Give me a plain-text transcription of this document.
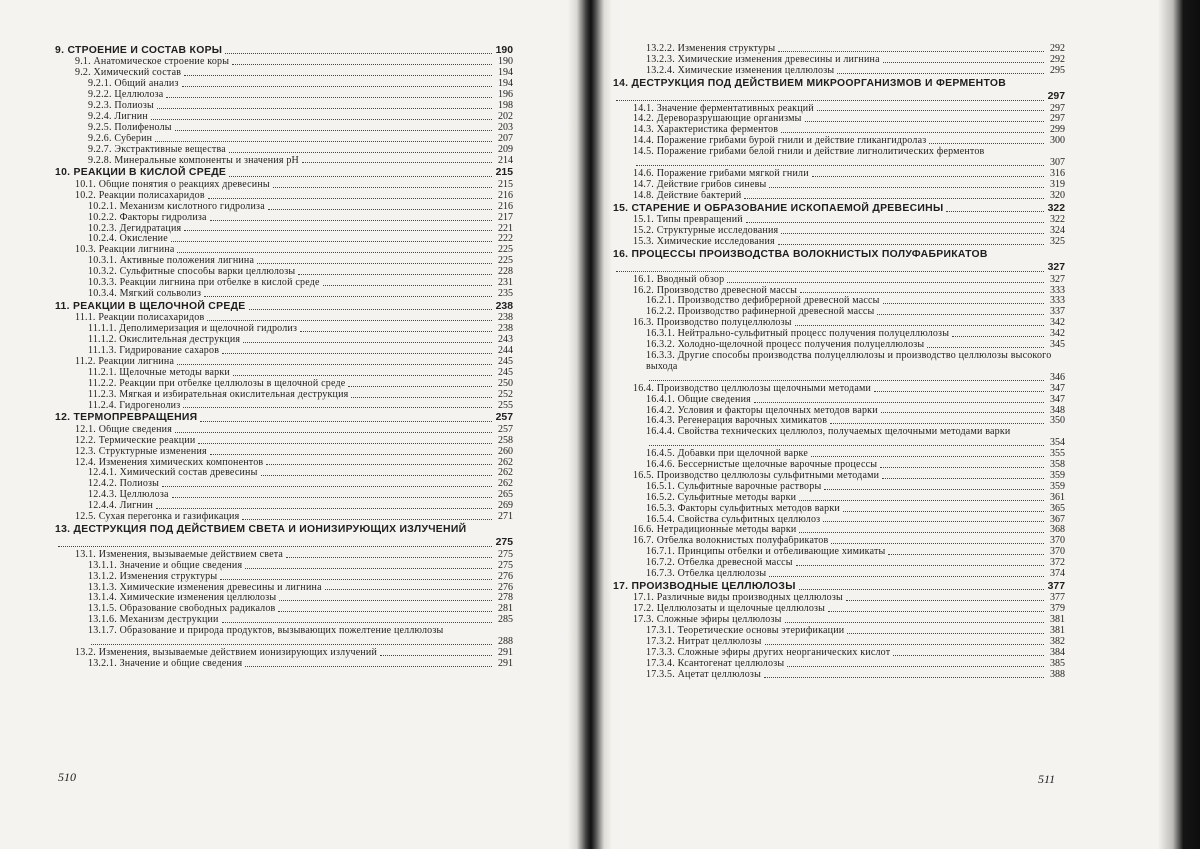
9. СТРОЕНИЕ И СОСТАВ КОРЫ	190
9.1. Анатомическое строение коры	190
9.2. Химический состав	194
9.2.1. Общий анализ	194
9.2.2. Целлюлоза	196
9.2.3. Полиозы	198
9.2.4. Лигнин	202
9.2.5. Полифенолы	203
9.2.6. Суберин	207
9.2.7. Экстрактивные вещества	209
9.2.8. Минеральные компоненты и значения pH	214
10. РЕАКЦИИ В КИСЛОЙ СРЕДЕ	215
10.1. Общие понятия о реакциях древесины	215
10.2. Реакции полисахаридов	216
10.2.1. Механизм кислотного гидролиза	216
10.2.2. Факторы гидролиза	217
10.2.3. Дегидратация	221
10.2.4. Окисление	222
10.3. Реакции лигнина	225
10.3.1. Активные положения лигнина	225
10.3.2. Сульфитные способы варки целлюлозы	228
10.3.3. Реакции лигнина при отбелке в кислой среде	231
10.3.4. Мягкий сольволиз	235
11. РЕАКЦИИ В ЩЕЛОЧНОЙ СРЕДЕ	238
11.1. Реакции полисахаридов	238
11.1.1. Деполимеризация и щелочной гидролиз	238
11.1.2. Окислительная деструкция	243
11.1.3. Гидрирование сахаров	244
11.2. Реакции лигнина	245
11.2.1. Щелочные методы варки	245
11.2.2. Реакции при отбелке целлюлозы в щелочной среде	250
11.2.3. Мягкая и избирательная окислительная деструкция	252
11.2.4. Гидрогенолиз	255
12. ТЕРМОПРЕВРАЩЕНИЯ	257
12.1. Общие сведения	257
12.2. Термические реакции	258
12.3. Структурные изменения	260
12.4. Изменения химических компонентов	262
12.4.1. Химический состав древесины	262
12.4.2. Полиозы	262
12.4.3. Целлюлоза	265
12.4.4. Лигнин	269
12.5. Сухая перегонка и газификация	271
13. ДЕСТРУКЦИЯ ПОД ДЕЙСТВИЕМ СВЕТА И ИОНИЗИРУЮЩИХ ИЗЛУЧЕНИЙ
275
13.1. Изменения, вызываемые действием света	275
13.1.1. Значение и общие сведения	275
13.1.2. Изменения структуры	276
13.1.3. Химические изменения древесины и лигнина	276
13.1.4. Химические изменения целлюлозы	278
13.1.5. Образование свободных радикалов	281
13.1.6. Механизм деструкции	285
13.1.7. Образование и природа продуктов, вызывающих пожелтение целлюлозы
288
13.2. Изменения, вызываемые действием ионизирующих излучений	291
13.2.1. Значение и общие сведения	291
13.2.2. Изменения структуры	292
13.2.3. Химические изменения древесины и лигнина	292
13.2.4. Химические изменения целлюлозы	295
14. ДЕСТРУКЦИЯ ПОД ДЕЙСТВИЕМ МИКРООРГАНИЗМОВ И ФЕРМЕНТОВ
297
14.1. Значение ферментативных реакций	297
14.2. Дереворазрушающие организмы	297
14.3. Характеристика ферментов	299
14.4. Поражение грибами бурой гнили и действие гликангидролаз	300
14.5. Поражение грибами белой гнили и действие лигнолитических ферментов
307
14.6. Поражение грибами мягкой гнили	316
14.7. Действие грибов синевы	319
14.8. Действие бактерий	320
15. СТАРЕНИЕ И ОБРАЗОВАНИЕ ИСКОПАЕМОЙ ДРЕВЕСИНЫ	322
15.1. Типы превращений	322
15.2. Структурные исследования	324
15.3. Химические исследования	325
16. ПРОЦЕССЫ ПРОИЗВОДСТВА ВОЛОКНИСТЫХ ПОЛУФАБРИКАТОВ
327
16.1. Вводный обзор	327
16.2. Производство древесной массы	333
16.2.1. Производство дефибрерной древесной массы	333
16.2.2. Производство рафинерной древесной массы	337
16.3. Производство полуцеллюлозы	342
16.3.1. Нейтрально-сульфитный процесс получения полуцеллюлозы	342
16.3.2. Холодно-щелочной процесс получения полуцеллюлозы	345
16.3.3. Другие способы производства полуцеллюлозы и производство целлюлозы высокого выхода
346
16.4. Производство целлюлозы щелочными методами	347
16.4.1. Общие сведения	347
16.4.2. Условия и факторы щелочных методов варки	348
16.4.3. Регенерация варочных химикатов	350
16.4.4. Свойства технических целлюлоз, получаемых щелочными методами варки
354
16.4.5. Добавки при щелочной варке	355
16.4.6. Бессернистые щелочные варочные процессы	358
16.5. Производство целлюлозы сульфитными методами	359
16.5.1. Сульфитные варочные растворы	359
16.5.2. Сульфитные методы варки	361
16.5.3. Факторы сульфитных методов варки	365
16.5.4. Свойства сульфитных целлюлоз	367
16.6. Нетрадиционные методы варки	368
16.7. Отбелка волокнистых полуфабрикатов	370
16.7.1. Принципы отбелки и отбеливающие химикаты	370
16.7.2. Отбелка древесной массы	372
16.7.3. Отбелка целлюлозы	374
17. ПРОИЗВОДНЫЕ ЦЕЛЛЮЛОЗЫ	377
17.1. Различные виды производных целлюлозы	377
17.2. Целлюлозаты и щелочные целлюлозы	379
17.3. Сложные эфиры целлюлозы	381
17.3.1. Теоретические основы этерификации	381
17.3.2. Нитрат целлюлозы	382
17.3.3. Сложные эфиры других неорганических кислот	384
17.3.4. Ксантогенат целлюлозы	385
17.3.5. Ацетат целлюлозы	388
510	511
